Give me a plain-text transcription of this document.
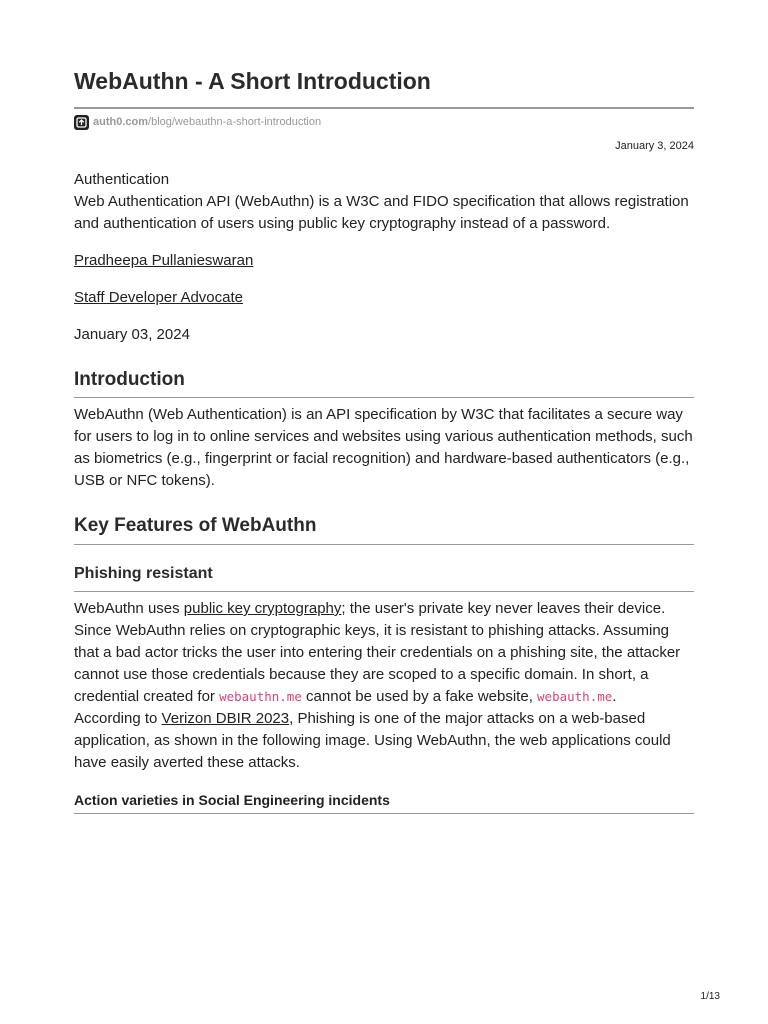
WebAuthn - A Short Introduction
auth0.com /blog/webauthn-a-short-introduction
January 3, 2024

Authentication

Web Authentication API (WebAuthn) is a W3C and FIDO specification that allows registration and authentication of users using public key cryptography instead of a password.

Pradheepa Pullanieswaran

Staff Developer Advocate

January 03, 2024

Introduction

WebAuthn (Web Authentication) is an API specification by W3C that facilitates a secure way for users to log in to online services and websites using various authentication methods, such as biometrics (e.g., fingerprint or facial recognition) and hardware-based authenticators (e.g., USB or NFC tokens).

Key Features of WebAuthn
Phishing resistant

WebAuthn uses public key cryptography; the user's private key never leaves their device. Since WebAuthn relies on cryptographic keys, it is resistant to phishing attacks. Assuming that a bad actor tricks the user into entering their credentials on a phishing site, the attacker cannot use those credentials because they are scoped to a specific domain. In short, a credential created for webauthn.me cannot be used by a fake website, webauth.me.
According to Verizon DBIR 2023, Phishing is one of the major attacks on a web-based application, as shown in the following image. Using WebAuthn, the web applications could have easily averted these attacks.

Action varieties in Social Engineering incidents
1/13
